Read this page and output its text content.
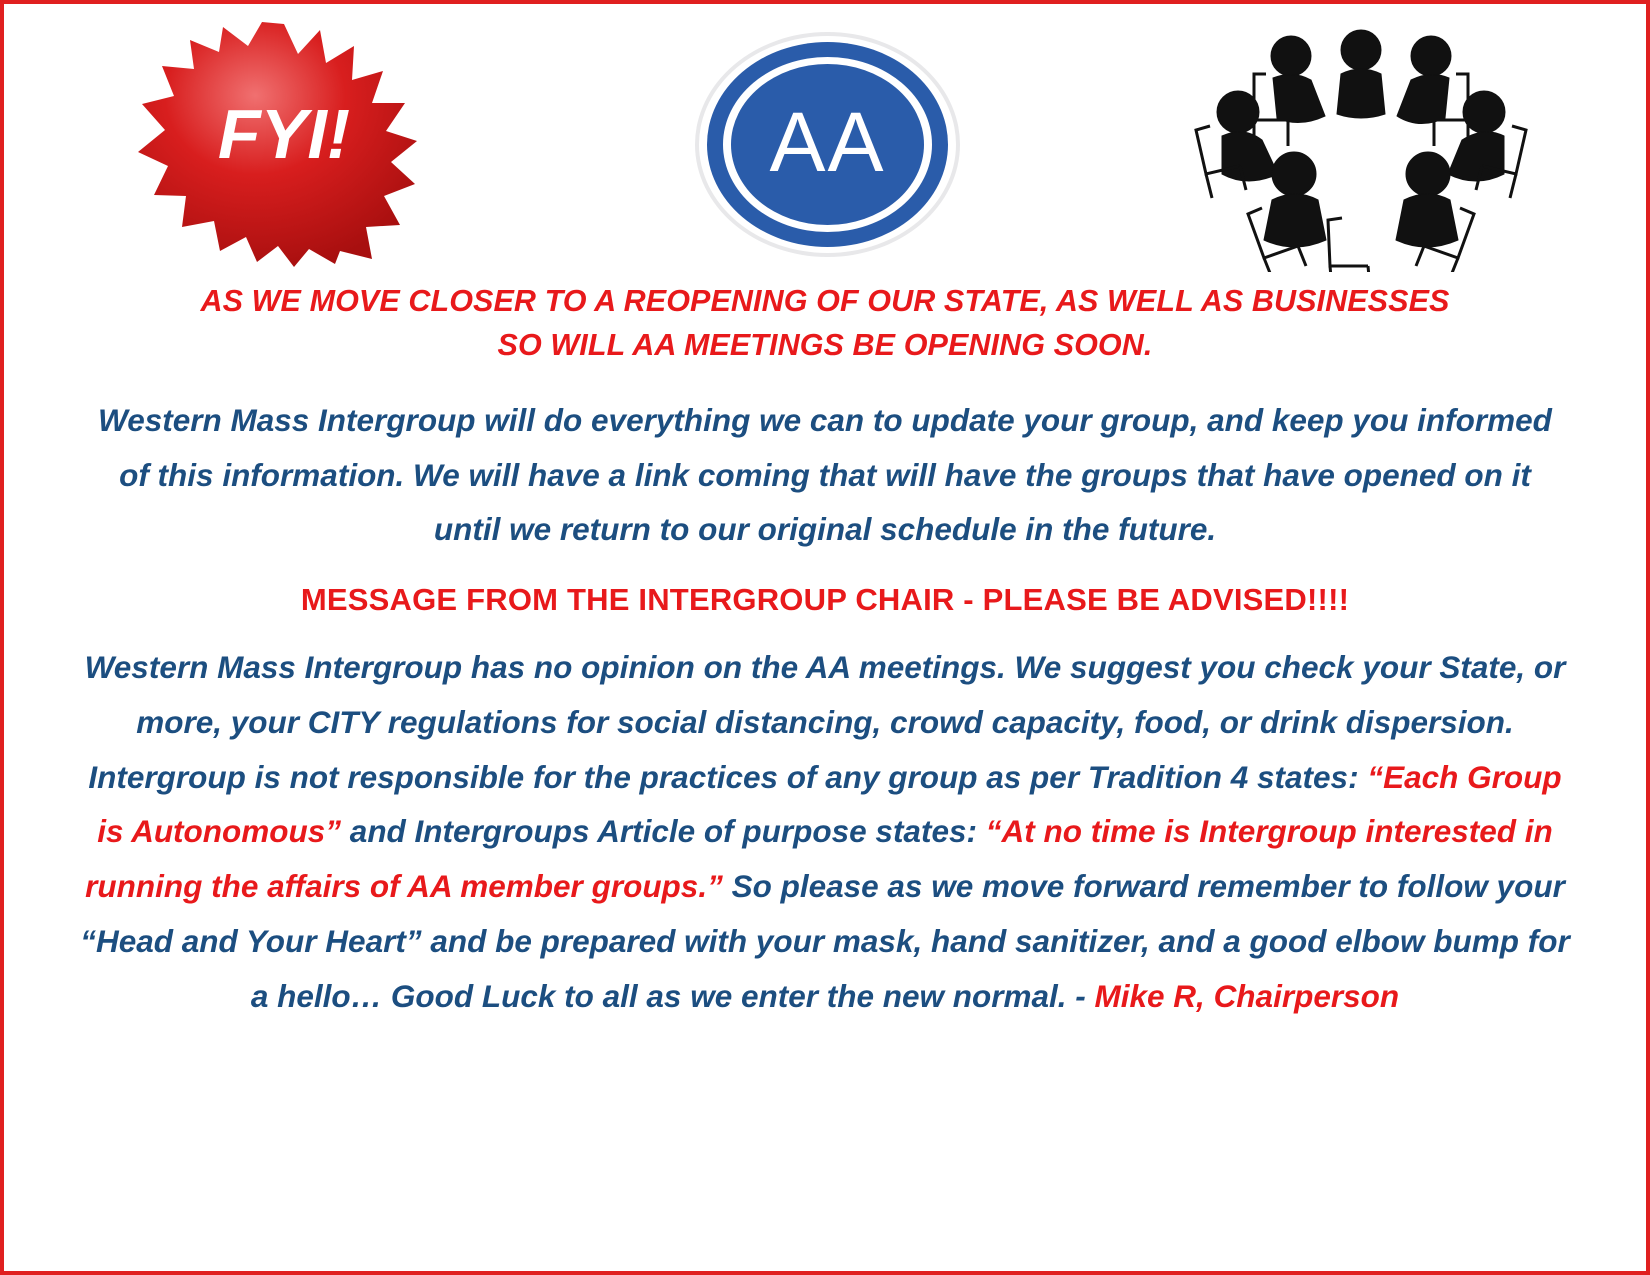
FYI!	AA
AS WE MOVE CLOSER TO A REOPENING OF OUR STATE, AS WELL AS BUSINESSES
SO WILL AA MEETINGS BE OPENING SOON.
Western Mass Intergroup will do everything we can to update your group, and keep you informed of this information. We will have a link coming that will have the groups that have opened on it until we return to our original schedule in the future.
MESSAGE FROM THE INTERGROUP CHAIR - PLEASE BE ADVISED!!!!
Western Mass Intergroup has no opinion on the AA meetings. We suggest you check your State, or more, your CITY regulations for social distancing, crowd capacity, food, or drink dispersion. Intergroup is not responsible for the practices of any group as per Tradition 4 states: “Each Group is Autonomous” and Intergroups Article of purpose states: “At no time is Intergroup interested in running the affairs of AA member groups.” So please as we move forward remember to follow your “Head and Your Heart” and be prepared with your mask, hand sanitizer, and a good elbow bump for a hello… Good Luck to all as we enter the new normal. - Mike R, Chairperson
